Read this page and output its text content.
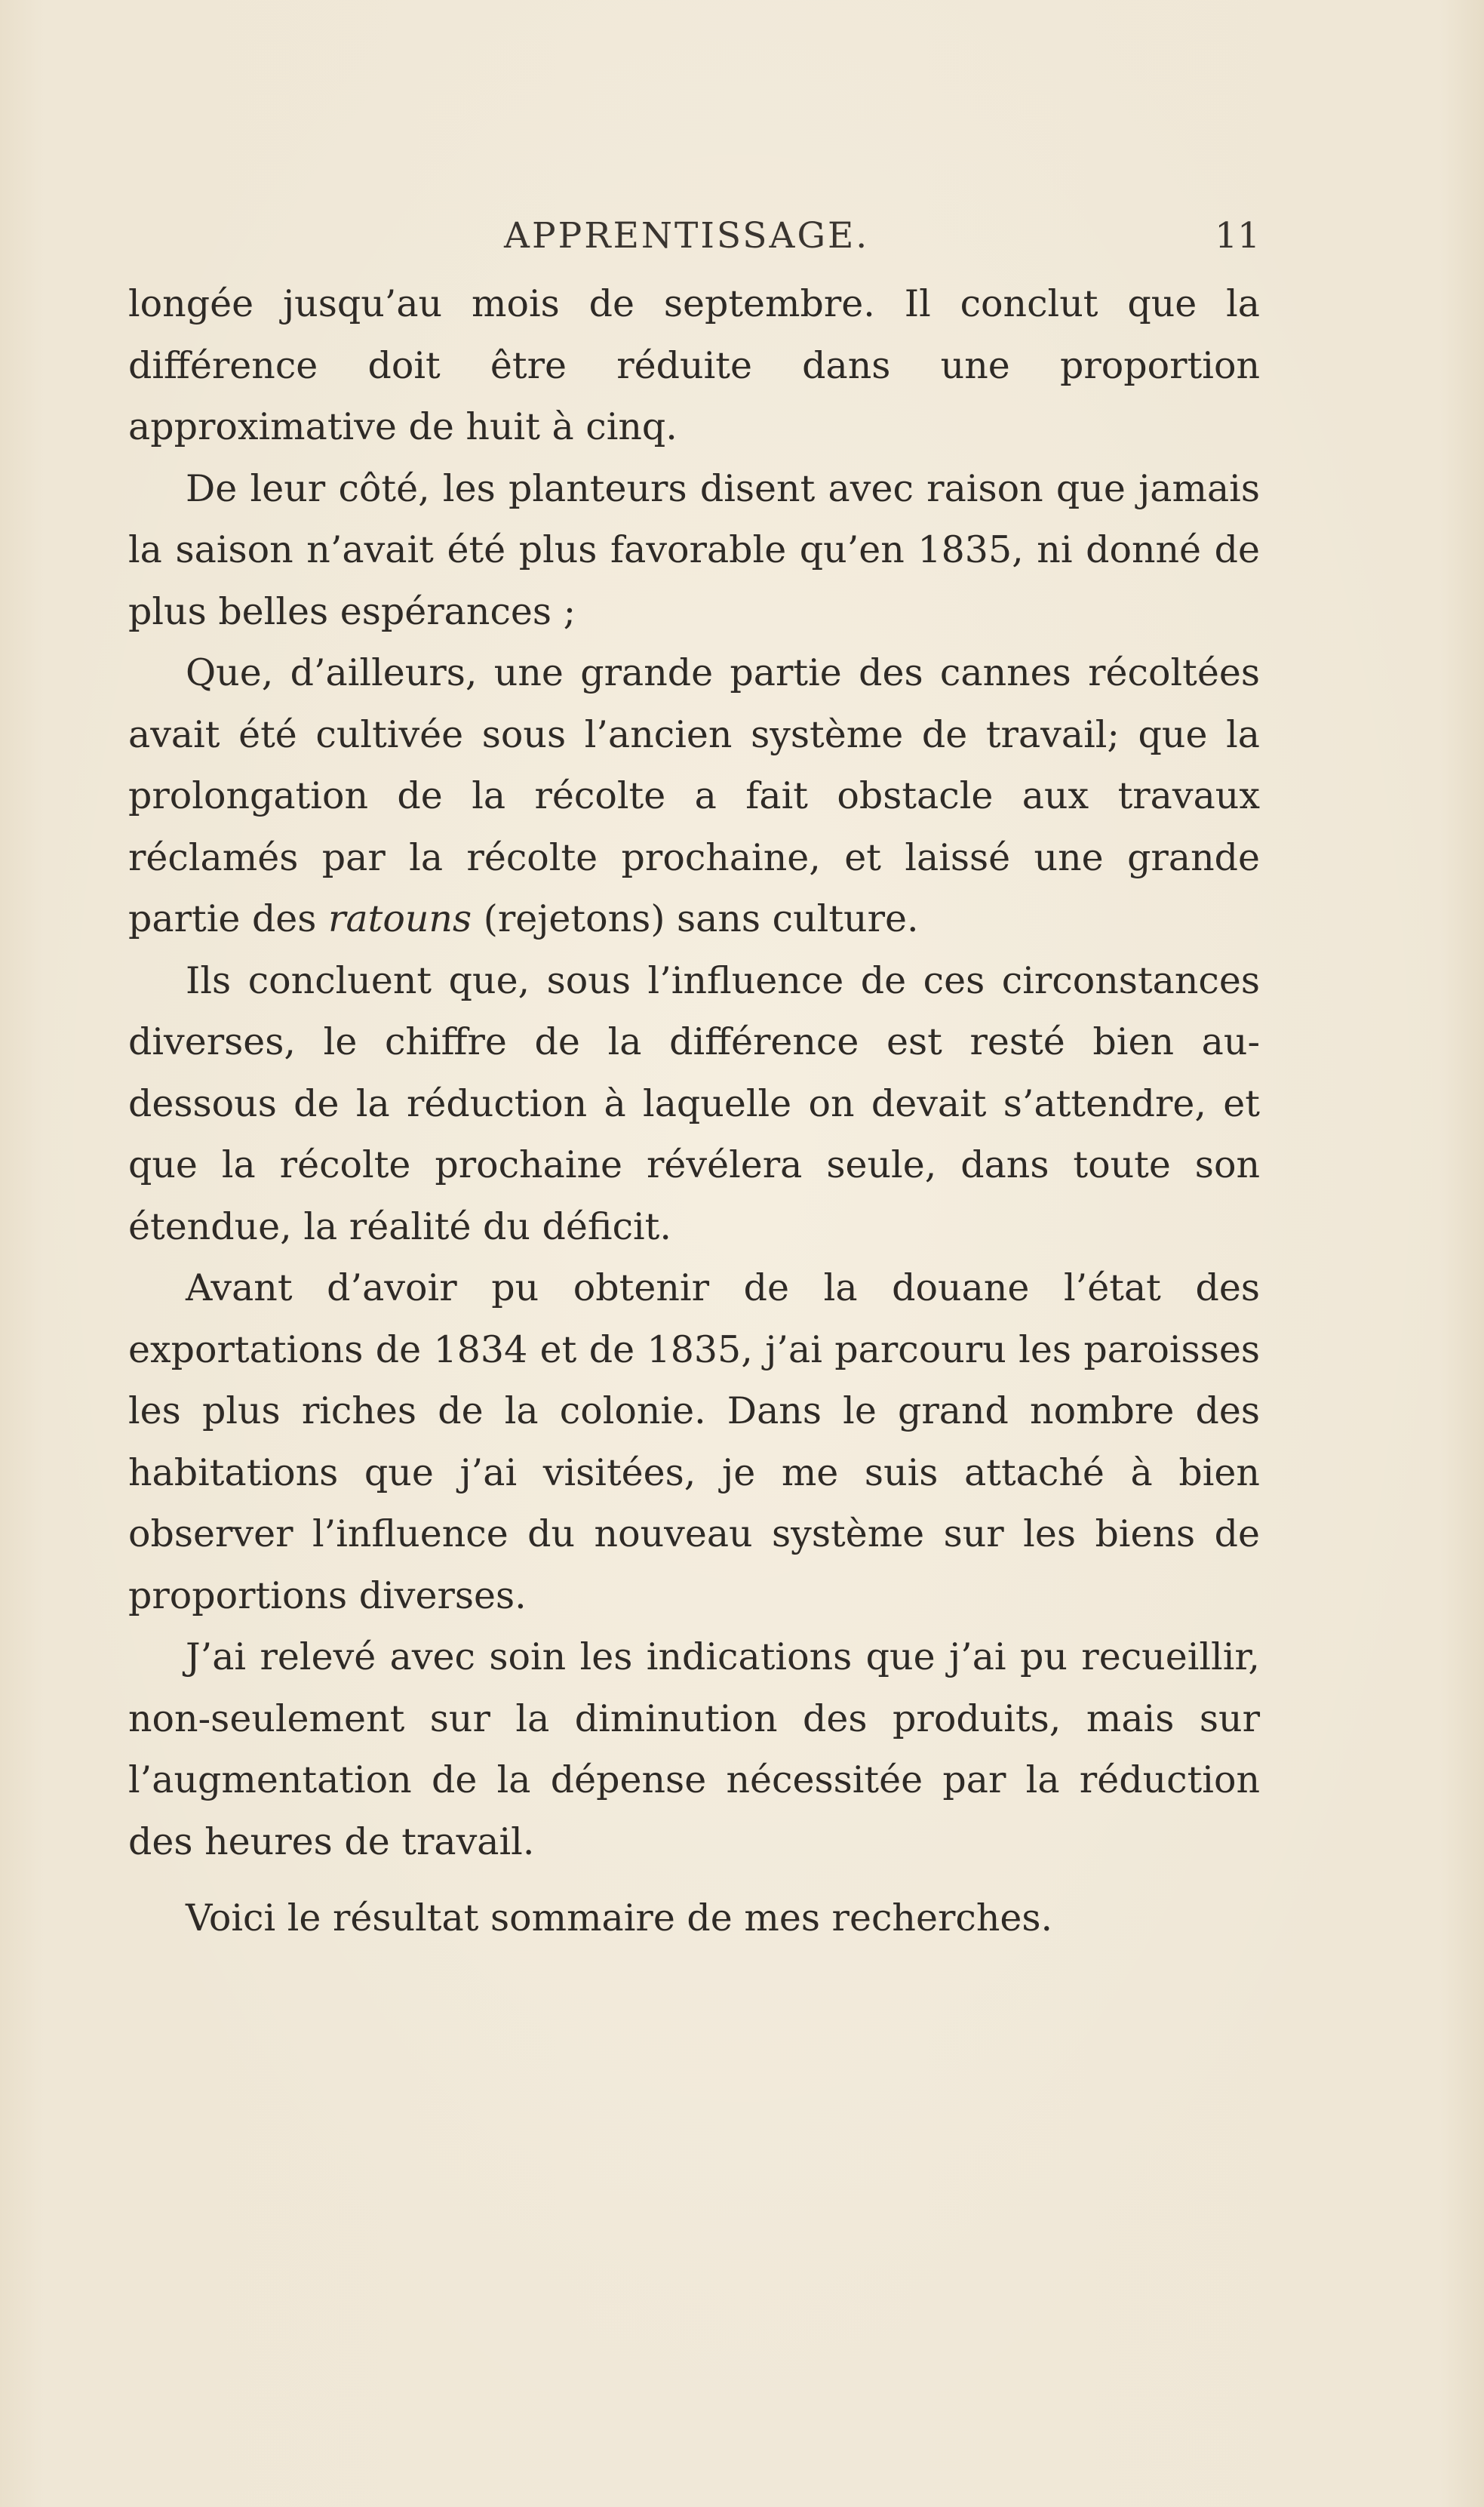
APPRENTISSAGE.	11

longée jusqu’au mois de septembre. Il conclut que la différence doit être réduite dans une proportion approximative de huit à cinq.

De leur côté, les planteurs disent avec raison que jamais la saison n’avait été plus favorable qu’en 1835, ni donné de plus belles espérances ;

Que, d’ailleurs, une grande partie des cannes récoltées avait été cultivée sous l’ancien système de travail; que la prolongation de la récolte a fait obstacle aux travaux réclamés par la récolte prochaine, et laissé une grande partie des ratouns (rejetons) sans culture.

Ils concluent que, sous l’influence de ces circonstances diverses, le chiffre de la différence est resté bien au-dessous de la réduction à laquelle on devait s’attendre, et que la récolte prochaine révélera seule, dans toute son étendue, la réalité du déficit.

Avant d’avoir pu obtenir de la douane l’état des exportations de 1834 et de 1835, j’ai parcouru les paroisses les plus riches de la colonie. Dans le grand nombre des habitations que j’ai visitées, je me suis attaché à bien observer l’influence du nouveau système sur les biens de proportions diverses.

J’ai relevé avec soin les indications que j’ai pu recueillir, non-seulement sur la diminution des produits, mais sur l’augmentation de la dépense nécessitée par la réduction des heures de travail.

Voici le résultat sommaire de mes recherches.
